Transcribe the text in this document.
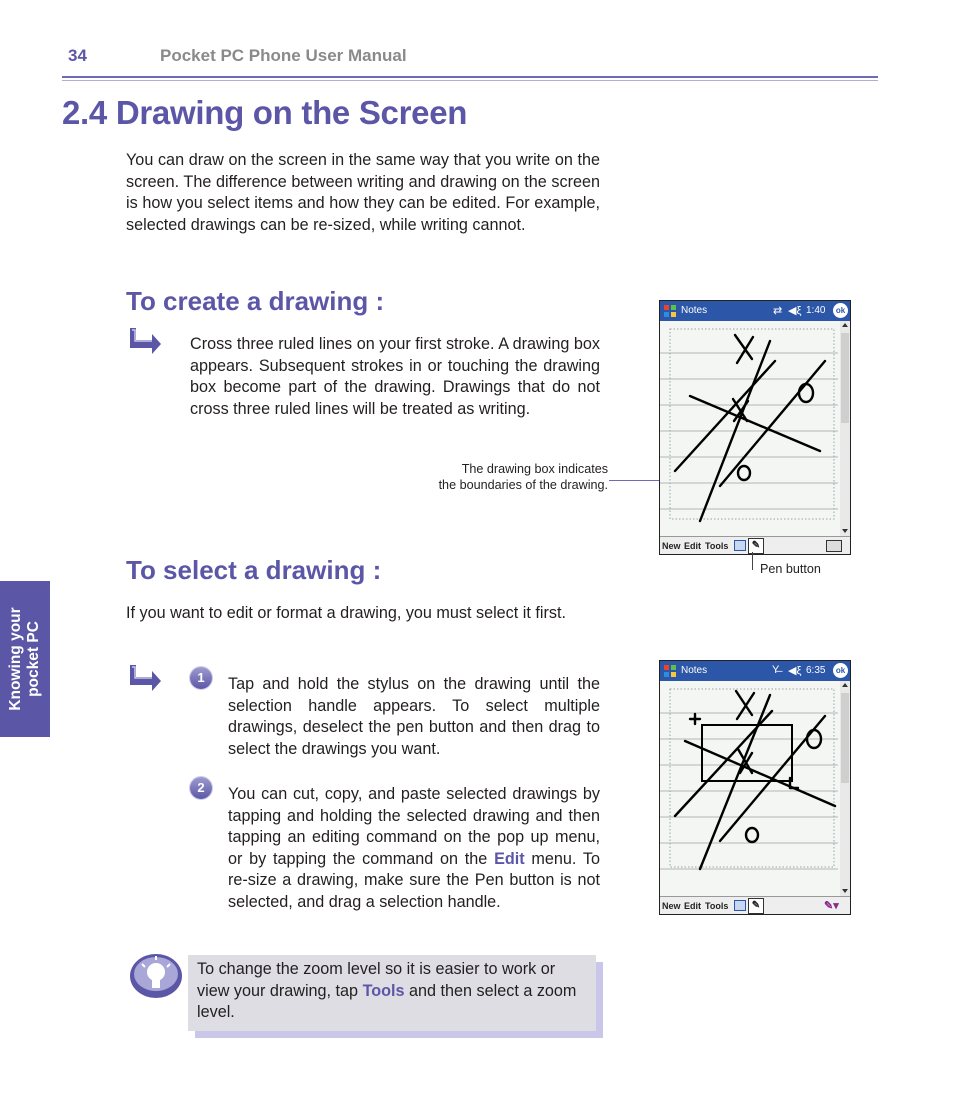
34	Pocket PC Phone User Manual
2.4 Drawing on the Screen
You can draw on the screen in the same way that you write on the screen. The difference between writing and drawing on the screen is how you select items and how they can be edited. For example, selected drawings can be re-sized, while writing cannot.
To create a drawing :
Cross three ruled lines on your first stroke. A drawing box appears. Subsequent strokes in or touching the drawing box become part of the drawing. Drawings that do not cross three ruled lines will be treated as writing.
The drawing box indicates
the boundaries of the drawing.
Notes	⇄ ◀ξ 1:40	ok
New Edit Tools	✎
Pen button
To select a drawing :
If you want to edit or format a drawing, you must select it first.
1	Tap and hold the stylus on the drawing until the selection handle appears. To select multiple drawings, deselect the pen button and then drag to select the drawings you want.
2	You can cut, copy, and paste selected drawings by tapping and holding the selected drawing and then tapping an editing command on the pop up menu, or by tapping the command on the Edit menu. To re-size a drawing, make sure the Pen button is not selected, and drag a selection handle.
Notes	Y̶ ◀ξ 6:35	ok
New Edit Tools	✎	✎▾
To change the zoom level so it is easier to work or view your drawing, tap Tools and then select a zoom level.
Knowing your pocket PC
